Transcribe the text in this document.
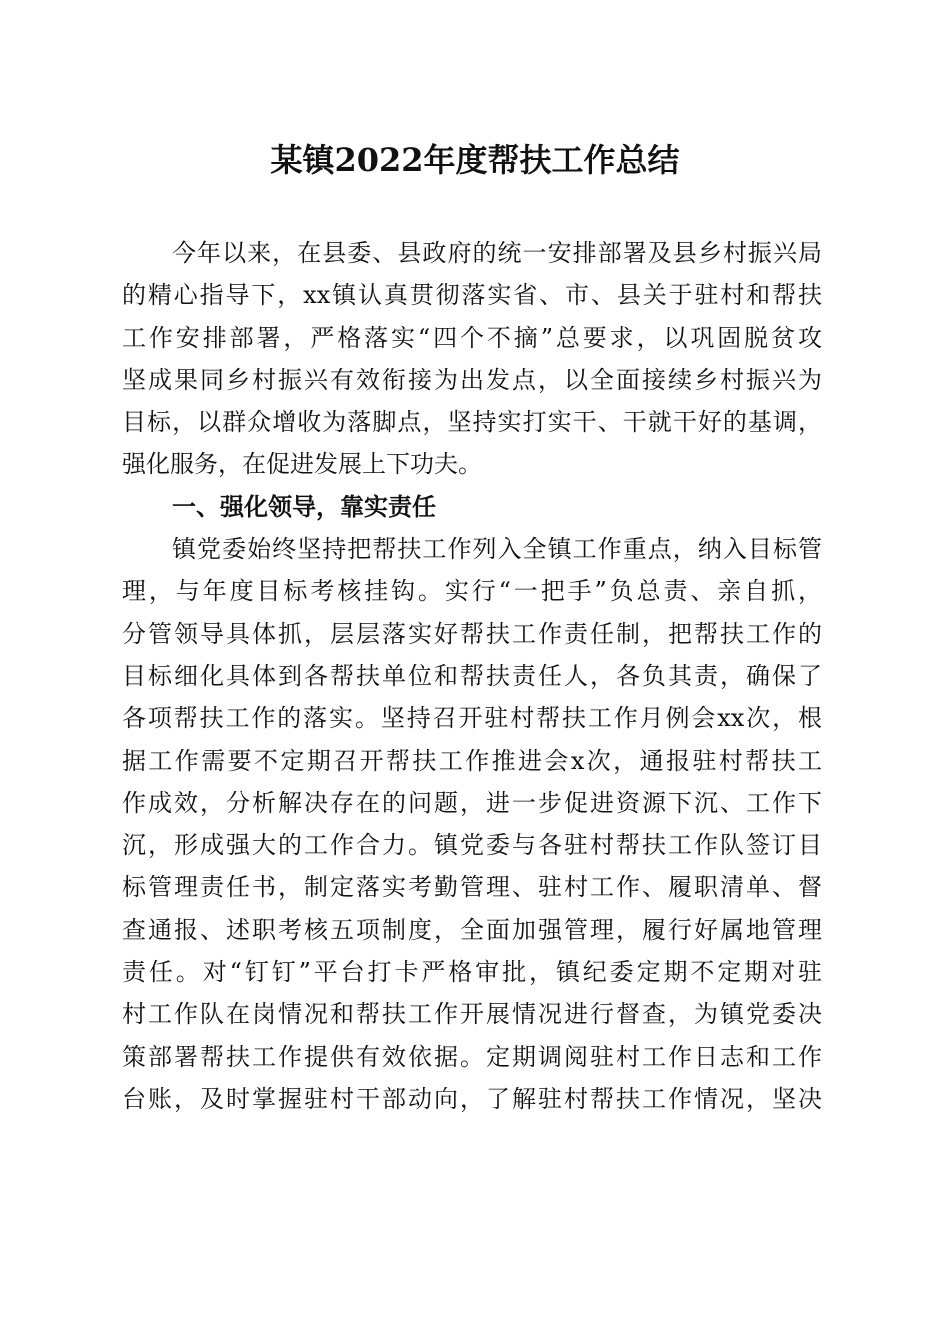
某镇2022年度帮扶工作总结
今年以来，在县委、县政府的统一安排部署及县乡村振兴局
的精心指导下，xx镇认真贯彻落实省、市、县关于驻村和帮扶
工作安排部署，严格落实“四个不摘”总要求，以巩固脱贫攻
坚成果同乡村振兴有效衔接为出发点，以全面接续乡村振兴为
目标，以群众增收为落脚点，坚持实打实干、干就干好的基调，
强化服务，在促进发展上下功夫。
一、强化领导，靠实责任
镇党委始终坚持把帮扶工作列入全镇工作重点，纳入目标管
理，与年度目标考核挂钩。实行“一把手”负总责、亲自抓，
分管领导具体抓，层层落实好帮扶工作责任制，把帮扶工作的
目标细化具体到各帮扶单位和帮扶责任人，各负其责，确保了
各项帮扶工作的落实。坚持召开驻村帮扶工作月例会xx次，根
据工作需要不定期召开帮扶工作推进会x次，通报驻村帮扶工
作成效，分析解决存在的问题，进一步促进资源下沉、工作下
沉，形成强大的工作合力。镇党委与各驻村帮扶工作队签订目
标管理责任书，制定落实考勤管理、驻村工作、履职清单、督
查通报、述职考核五项制度，全面加强管理，履行好属地管理
责任。对“钉钉”平台打卡严格审批，镇纪委定期不定期对驻
村工作队在岗情况和帮扶工作开展情况进行督查，为镇党委决
策部署帮扶工作提供有效依据。定期调阅驻村工作日志和工作
台账，及时掌握驻村干部动向，了解驻村帮扶工作情况，坚决
